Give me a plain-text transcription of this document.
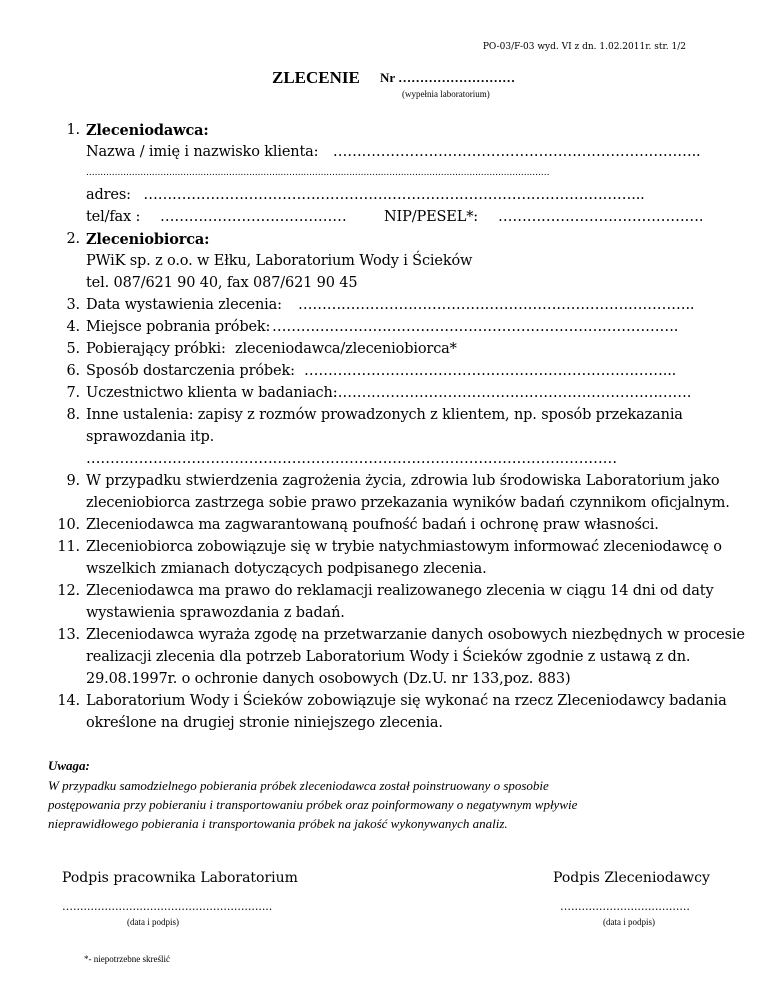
PO-03/F-03 wyd. VI z dn. 1.02.2011r. str. 1/2
ZLECENIE Nr ………………………
(wypełnia laboratorium)
1. Zleceniodawca:
Nazwa / imię i nazwisko klienta: …………………………………………………………………..
..................................................................................................................................................................
adres: …………………………………………………………………………………………...
tel/fax : …………………………………	NIP/PESEL*: …………………………………….
2. Zleceniobiorca:
PWiK sp. z o.o. w Ełku, Laboratorium Wody i Ścieków
tel. 087/621 90 40, fax 087/621 90 45
3. Data wystawienia zlecenia: ………………………………………………………………………..
4. Miejsce pobrania próbek: ………………………………………………………………………….
5. Pobierający próbki: zleceniodawca/zleceniobiorca*
6. Sposób dostarczenia próbek: …………………………………………………………………...
7. Uczestnictwo klienta w badaniach:
………………………………………………………………….
8. Inne ustalenia: zapisy z rozmów prowadzonych z klientem, np. sposób przekazania
sprawozdania itp.
…………………………………………………………………………………………………
9. W przypadku stwierdzenia zagrożenia życia, zdrowia lub środowiska Laboratorium jako
zleceniobiorca zastrzega sobie prawo przekazania wyników badań czynnikom oficjalnym.
10. Zleceniodawca ma zagwarantowaną poufność badań i ochronę praw własności.
11. Zleceniobiorca zobowiązuje się w trybie natychmiastowym informować zleceniodawcę o
wszelkich zmianach dotyczących podpisanego zlecenia.
12. Zleceniodawca ma prawo do reklamacji realizowanego zlecenia w ciągu 14 dni od daty
wystawienia sprawozdania z badań.
13. Zleceniodawca wyraża zgodę na przetwarzanie danych osobowych niezbędnych w procesie
realizacji zlecenia dla potrzeb Laboratorium Wody i Ścieków zgodnie z ustawą z dn.
29.08.1997r. o ochronie danych osobowych (Dz.U. nr 133,poz. 883)
14. Laboratorium Wody i Ścieków zobowiązuje się wykonać na rzecz Zleceniodawcy badania
określone na drugiej stronie niniejszego zlecenia.
Uwaga:
W przypadku samodzielnego pobierania próbek zleceniodawca został poinstruowany o sposobie
postępowania przy pobieraniu i transportowaniu próbek oraz poinformowany o negatywnym wpływie
nieprawidłowego pobierania i transportowania próbek na jakość wykonywanych analiz.
Podpis pracownika Laboratorium	Podpis Zleceniodawcy
….........................................................	…..................................
(data i podpis)	(data i podpis)
*- niepotrzebne skreślić
